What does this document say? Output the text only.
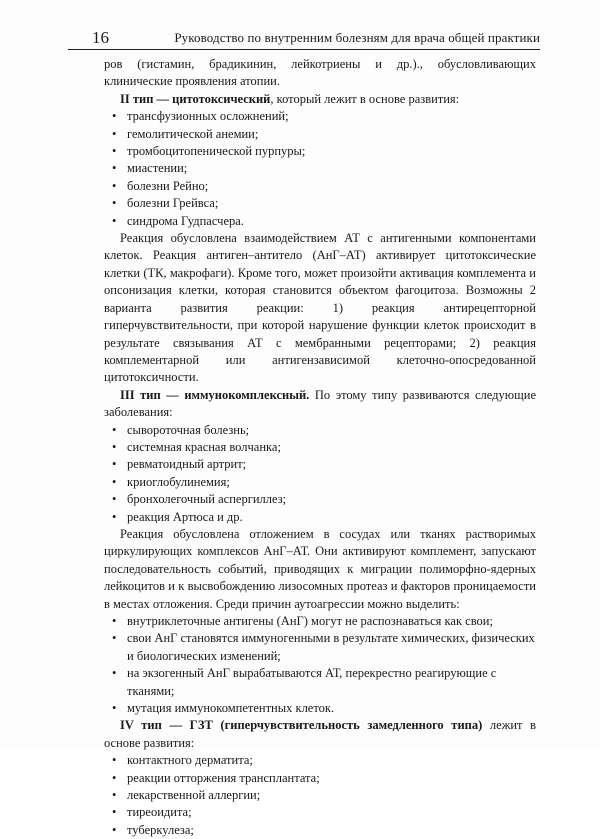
16	Руководство по внутренним болезням для врача общей практики

ров (гистамин, брадикинин, лейкотриены и др.)., обусловливающих клинические проявления атопии.

II тип — цитотоксический, который лежит в основе развития:

• трансфузионных осложнений;
• гемолитической анемии;
• тромбоцитопенической пурпуры;
• миастении;
• болезни Рейно;
• болезни Грейвса;
• синдрома Гудпасчера.

Реакция обусловлена взаимодействием АТ с антигенными компонентами клеток. Реакция антиген–антитело (АнГ–АТ) активирует цитотоксические клетки (ТК, макрофаги). Кроме того, может произойти активация комплемента и опсонизация клетки, которая становится объектом фагоцитоза. Возможны 2 варианта развития реакции: 1) реакция антирецепторной гиперчувствительности, при которой нарушение функции клеток происходит в результате связывания АТ с мембранными рецепторами; 2) реакция комплементарной или антигензависимой клеточно-опосредованной цитотоксичности.

III тип — иммунокомплексный. По этому типу развиваются следующие заболевания:

• сывороточная болезнь;
• системная красная волчанка;
• ревматоидный артрит;
• криоглобулинемия;
• бронхолегочный аспергиллез;
• реакция Артюса и др.

Реакция обусловлена отложением в сосудах или тканях растворимых циркулирующих комплексов АнГ–АТ. Они активируют комплемент, запускают последовательность событий, приводящих к миграции полиморфно-ядерных лейкоцитов и к высвобождению лизосомных протеаз и факторов проницаемости в местах отложения. Среди причин аутоагрессии можно выделить:

• внутриклеточные антигены (АнГ) могут не распознаваться как свои;
• свои АнГ становятся иммуногенными в результате химических, физических и биологических изменений;
• на экзогенный АнГ вырабатываются АТ, перекрестно реагирующие с тканями;
• мутация иммунокомпетентных клеток.

IV тип — ГЗТ (гиперчувствительность замедленного типа) лежит в основе развития:

• контактного дерматита;
• реакции отторжения трансплантата;
• лекарственной аллергии;
• тиреоидита;
• туберкулеза;
